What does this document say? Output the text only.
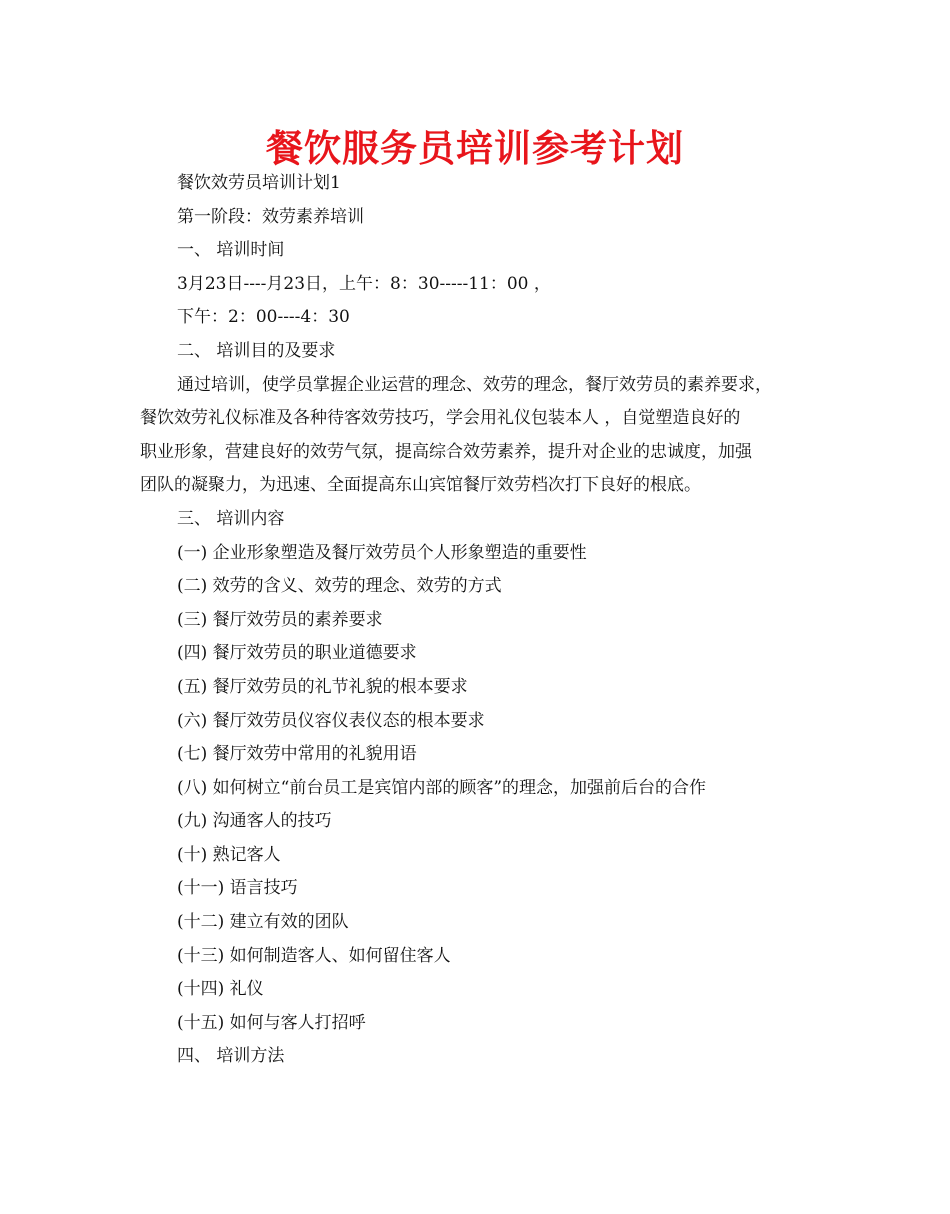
餐饮服务员培训参考计划
餐饮效劳员培训计划1
第一阶段：效劳素养培训
一、 培训时间
3月23日----月23日，上午：8：30-----11：00 ，
下午：2：00----4：30
二、 培训目的及要求
通过培训，使学员掌握企业运营的理念、效劳的理念，餐厅效劳员的素养要求，
餐饮效劳礼仪标准及各种待客效劳技巧，学会用礼仪包装本人 ，自觉塑造良好的
职业形象，营建良好的效劳气氛，提高综合效劳素养，提升对企业的忠诚度，加强
团队的凝聚力，为迅速、全面提高东山宾馆餐厅效劳档次打下良好的根底。
三、 培训内容
(一) 企业形象塑造及餐厅效劳员个人形象塑造的重要性
(二) 效劳的含义、效劳的理念、效劳的方式
(三) 餐厅效劳员的素养要求
(四) 餐厅效劳员的职业道德要求
(五) 餐厅效劳员的礼节礼貌的根本要求
(六) 餐厅效劳员仪容仪表仪态的根本要求
(七) 餐厅效劳中常用的礼貌用语
(八) 如何树立“前台员工是宾馆内部的顾客”的理念，加强前后台的合作
(九) 沟通客人的技巧
(十) 熟记客人
(十一) 语言技巧
(十二) 建立有效的团队
(十三) 如何制造客人、如何留住客人
(十四) 礼仪
(十五) 如何与客人打招呼
四、 培训方法
